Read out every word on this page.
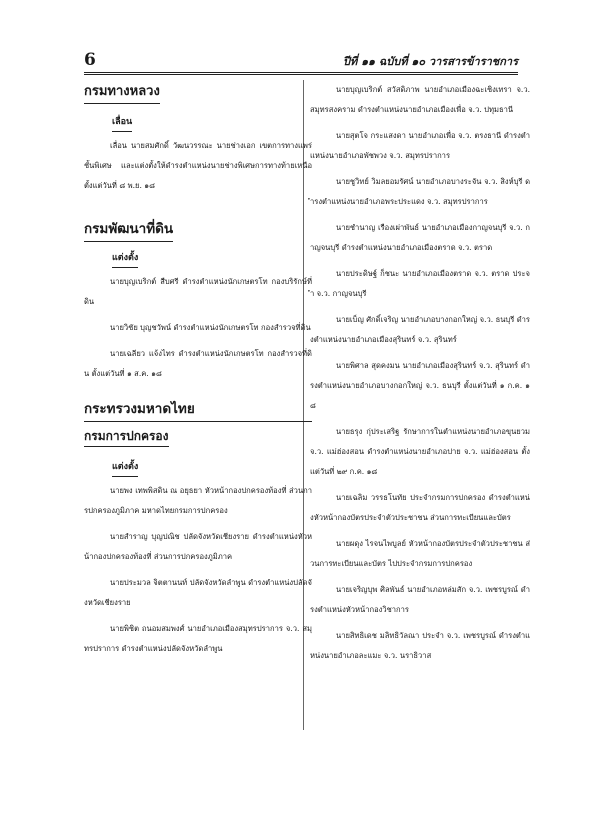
6	ปีที่ ๑๑ ฉบับที่ ๑๐ วารสารข้าราชการ
กรมทางหลวง
เลื่อน

เลื่อน นายสมศักดิ์ วัฒนวรรณะ นายช่างเอก เขตการทางแพร่ ชั้นพิเศษ และแต่งตั้งให้ดำรงตำแหน่งนายช่างพิเศษการทางท้ายเหนือ ตั้งแต่วันที่ ๘ พ.ย. ๑๘

กรมพัฒนาที่ดิน
แต่งตั้ง

นายบุญเบริกต์ สืบศรี ดำรงตำแหน่งนักเกษตรโท กองบริรักษ์ที่ดิน

นายวิชัย บุญชวัพน์ ดำรงตำแหน่งนักเกษตรโท กองสำรวจที่ดิน

นายเฉลียว แจ้งไทร ดำรงตำแหน่งนักเกษตรโท กองสำรวจที่ดิน ตั้งแต่วันที่ ๑ ส.ค. ๑๘

กระทรวงมหาดไทย
กรมการปกครอง
แต่งตั้ง

นายพง เทพพิสดิน ณ อยุธยา หัวหน้ากองปกครองท้องที่ ส่วนการปกครองภูมิภาค มหาดไทยกรมการปกครอง

นายสำราญ บุญปณิช ปลัดจังหวัดเชียงราย ดำรงตำแหน่งหัวหน้ากองปกครองท้องที่ ส่วนการปกครองภูมิภาค

นายประมวล จิตตานนท์ ปลัดจังหวัดลำพูน ดำรงตำแหน่งปลัดจังหวัดเชียงราย

นายพิชิต ถนอมสมพงศ์ นายอำเภอเมืองสมุทรปราการ จ.ว. สมุทรปราการ ดำรงตำแหน่งปลัดจังหวัดลำพูน

นายบุญเบริกต์ สวัสดิภาพ นายอำเภอเมืองฉะเชิงเทรา จ.ว. สมุทรสงคราม ดำรงตำแหน่งนายอำเภอเมืองเพื่อ จ.ว. ปทุมธานี

นายสุตโจ กระแสงดา นายอำเภอเพื่อ จ.ว. ตรงธานี ดำรงตำแหน่งนายอำเภอพัชพวง จ.ว. สมุทรปราการ

นายชูวิทย์ วิมลยอมรัศน์ นายอำเภอบางระจัน จ.ว. สิงห์บุรี ดำรงตำแหน่งนายอำเภอพระประแดง จ.ว. สมุทรปราการ

นายชำนาญ เรืองเผ่าพันธ์ นายอำเภอเมืองกาญจนบุรี จ.ว. กาญจนบุรี ดำรงตำแหน่งนายอำเภอเมืองตราด จ.ว. ตราด

นายประดิษฐ์ ก็ชนะ นายอำเภอเมืองตราด จ.ว. ตราด ประจำ จ.ว. กาญจนบุรี

นายเบ็ญ ศักดิ์เจริญ นายอำเภอบางกอกใหญ่ จ.ว. ธนบุรี ดำรงตำแหน่งนายอำเภอเมืองสุรินทร์ จ.ว. สุรินทร์

นายพิศาล สุดคงมน นายอำเภอเมืองสุรินทร์ จ.ว. สุรินทร์ ดำรงตำแหน่งนายอำเภอบางกอกใหญ่ จ.ว. ธนบุรี ตั้งแต่วันที่ ๑ ก.ค. ๑๘

นายธรุง กุ่ประเสริฐ รักษาการในตำแหน่งนายอำเภอขุนยวม จ.ว. แม่ฮ่องสอน ดำรงตำแหน่งนายอำเภอปาย จ.ว. แม่ฮ่องสอน ตั้งแต่วันที่ ๒๙ ก.ค. ๑๘

นายเฉลิม วรรธโนทัย ประจำกรมการปกครอง ดำรงตำแหน่งหัวหน้ากองบัตรประจำตัวประชาชน ส่วนการทะเบียนและบัตร

นายผดุง ไรจนไพบูลย์ หัวหน้ากองบัตรประจำตัวประชาชน ส่วนการทะเบียนและบัตร ไปประจำกรมการปกครอง

นายเจริญบุพ ศิลพันธ์ นายอำเภอหล่มสัก จ.ว. เพชรบูรณ์ ดำรงตำแหน่งหัวหน้ากองวิชาการ

นายสิทธิเดช มลิทธิวัลณา ประจำ จ.ว. เพชรบูรณ์ ดำรงตำแหน่งนายอำเภอละแมะ จ.ว. นราธิวาส
